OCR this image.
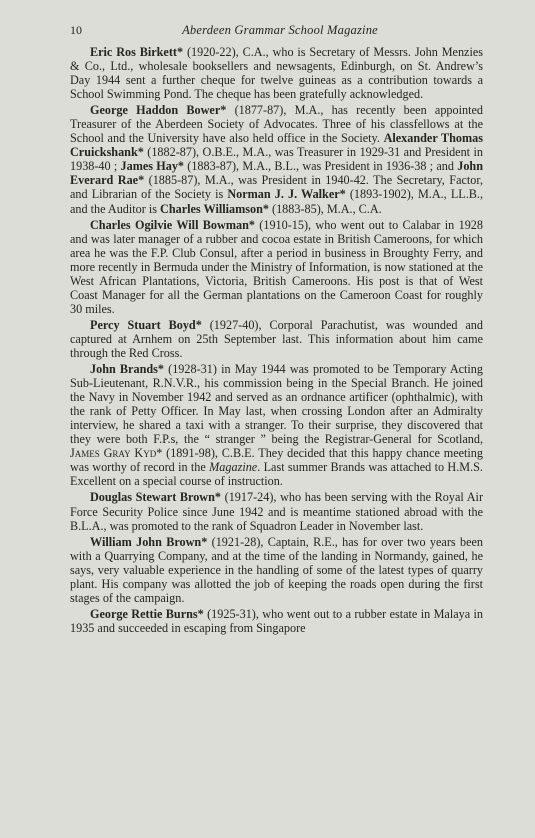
10	Aberdeen Grammar School Magazine

Eric Ros Birkett* (1920-22), C.A., who is Secretary of Messrs. John Menzies & Co., Ltd., wholesale booksellers and newsagents, Edinburgh, on St. Andrew’s Day 1944 sent a further cheque for twelve guineas as a contribution towards a School Swimming Pond. The cheque has been gratefully acknowledged.

George Haddon Bower* (1877-87), M.A., has recently been appointed Treasurer of the Aberdeen Society of Advocates. Three of his classfellows at the School and the University have also held office in the Society. Alexander Thomas Cruickshank* (1882-87), O.B.E., M.A., was Treasurer in 1929-31 and President in 1938-40 ; James Hay* (1883-87), M.A., B.L., was President in 1936-38 ; and John Everard Rae* (1885-87), M.A., was President in 1940-42. The Secretary, Factor, and Librarian of the Society is Norman J. J. Walker* (1893-1902), M.A., LL.B., and the Auditor is Charles Williamson* (1883-85), M.A., C.A.

Charles Ogilvie Will Bowman* (1910-15), who went out to Calabar in 1928 and was later manager of a rubber and cocoa estate in British Cameroons, for which area he was the F.P. Club Consul, after a period in business in Broughty Ferry, and more recently in Bermuda under the Ministry of Information, is now stationed at the West African Plantations, Victoria, British Cameroons. His post is that of West Coast Manager for all the German plantations on the Cameroon Coast for roughly 30 miles.

Percy Stuart Boyd* (1927-40), Corporal Parachutist, was wounded and captured at Arnhem on 25th September last. This information about him came through the Red Cross.

John Brands* (1928-31) in May 1944 was promoted to be Temporary Acting Sub-Lieutenant, R.N.V.R., his commission being in the Special Branch. He joined the Navy in November 1942 and served as an ordnance artificer (ophthalmic), with the rank of Petty Officer. In May last, when crossing London after an Admiralty interview, he shared a taxi with a stranger. To their surprise, they discovered that they were both F.P.s, the “ stranger ” being the Registrar-General for Scotland, James Gray Kyd* (1891-98), C.B.E. They decided that this happy chance meeting was worthy of record in the Magazine. Last summer Brands was attached to H.M.S. Excellent on a special course of instruction.

Douglas Stewart Brown* (1917-24), who has been serving with the Royal Air Force Security Police since June 1942 and is meantime stationed abroad with the B.L.A., was promoted to the rank of Squadron Leader in November last.

William John Brown* (1921-28), Captain, R.E., has for over two years been with a Quarrying Company, and at the time of the landing in Normandy, gained, he says, very valuable experience in the handling of some of the latest types of quarry plant. His company was allotted the job of keeping the roads open during the first stages of the campaign.

George Rettie Burns* (1925-31), who went out to a rubber estate in Malaya in 1935 and succeeded in escaping from Singapore
